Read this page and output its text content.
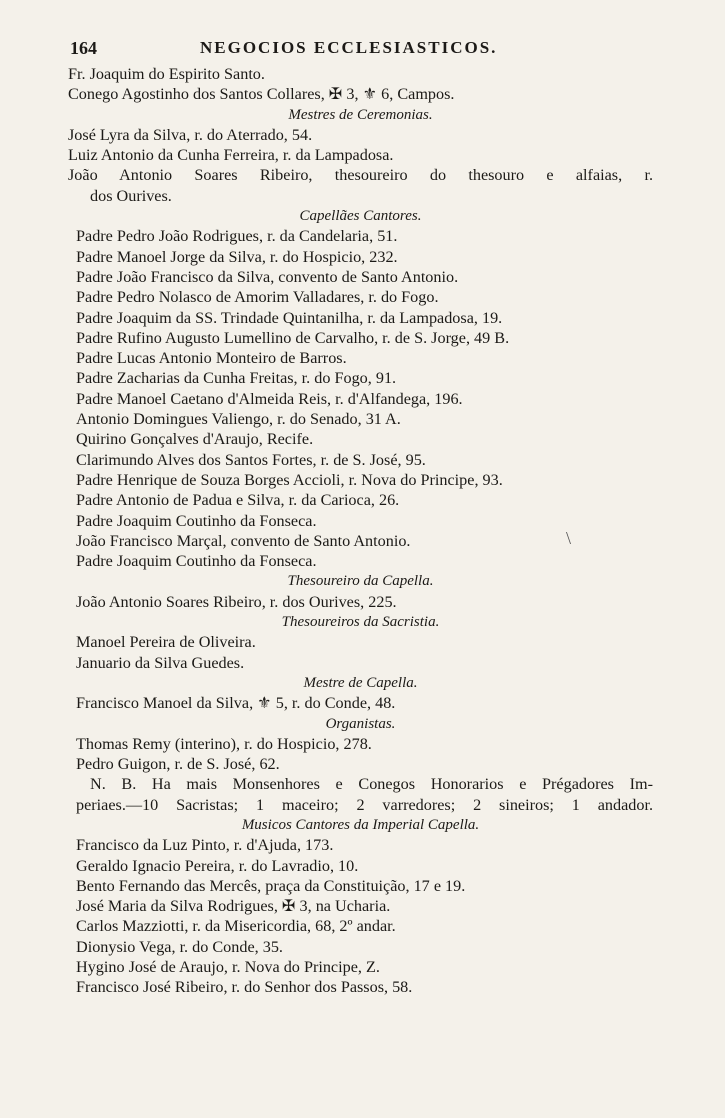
164	NEGOCIOS ECCLESIASTICOS.
Fr. Joaquim do Espirito Santo.
Conego Agostinho dos Santos Collares, ✠ 3, ⚜ 6, Campos.
Mestres de Ceremonias.
José Lyra da Silva, r. do Aterrado, 54.
Luiz Antonio da Cunha Ferreira, r. da Lampadosa.
João Antonio Soares Ribeiro, thesoureiro do thesouro e alfaias, r.
dos Ourives.
Capellães Cantores.
Padre Pedro João Rodrigues, r. da Candelaria, 51.
Padre Manoel Jorge da Silva, r. do Hospicio, 232.
Padre João Francisco da Silva, convento de Santo Antonio.
Padre Pedro Nolasco de Amorim Valladares, r. do Fogo.
Padre Joaquim da SS. Trindade Quintanilha, r. da Lampadosa, 19.
Padre Rufino Augusto Lumellino de Carvalho, r. de S. Jorge, 49 B.
Padre Lucas Antonio Monteiro de Barros.
Padre Zacharias da Cunha Freitas, r. do Fogo, 91.
Padre Manoel Caetano d'Almeida Reis, r. d'Alfandega, 196.
Antonio Domingues Valiengo, r. do Senado, 31 A.
Quirino Gonçalves d'Araujo, Recife.
Clarimundo Alves dos Santos Fortes, r. de S. José, 95.
Padre Henrique de Souza Borges Accioli, r. Nova do Principe, 93.
Padre Antonio de Padua e Silva, r. da Carioca, 26.
Padre Joaquim Coutinho da Fonseca.
João Francisco Marçal, convento de Santo Antonio.
Padre Joaquim Coutinho da Fonseca.
Thesoureiro da Capella.
João Antonio Soares Ribeiro, r. dos Ourives, 225.
Thesoureiros da Sacristia.
Manoel Pereira de Oliveira.
Januario da Silva Guedes.
Mestre de Capella.
Francisco Manoel da Silva, ⚜ 5, r. do Conde, 48.
Organistas.
Thomas Remy (interino), r. do Hospicio, 278.
Pedro Guigon, r. de S. José, 62.
N. B. Ha mais Monsenhores e Conegos Honorarios e Prégadores Im-
periaes.—10 Sacristas; 1 maceiro; 2 varredores; 2 sineiros; 1 andador.
Musicos Cantores da Imperial Capella.
Francisco da Luz Pinto, r. d'Ajuda, 173.
Geraldo Ignacio Pereira, r. do Lavradio, 10.
Bento Fernando das Mercês, praça da Constituição, 17 e 19.
José Maria da Silva Rodrigues, ✠ 3, na Ucharia.
Carlos Mazziotti, r. da Misericordia, 68, 2º andar.
Dionysio Vega, r. do Conde, 35.
Hygino José de Araujo, r. Nova do Principe, Z.
Francisco José Ribeiro, r. do Senhor dos Passos, 58.
\
